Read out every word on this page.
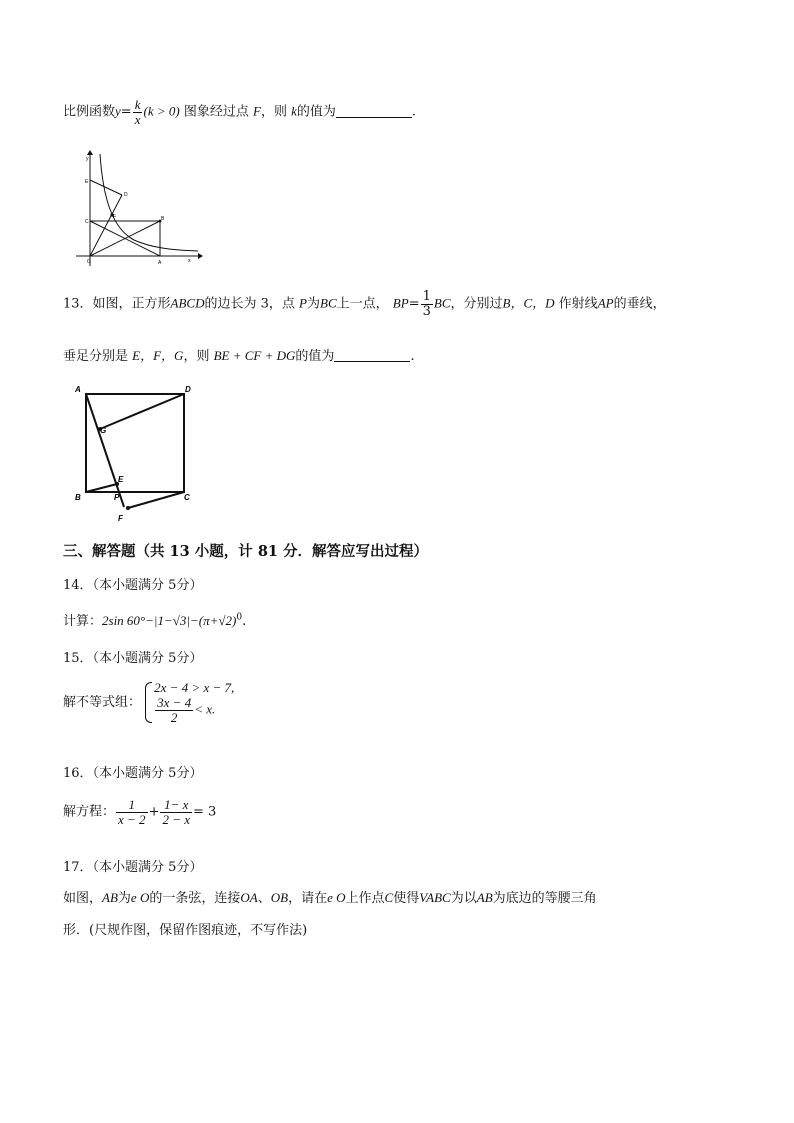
比例函数$y= \frac{k}{x} (k > 0)$ 图象经过点 F，则 k的值为	.
y
x
O
E
D
C
F	B
A
13．如图，正方形ABCD的边长为 3，点 P为BC上一点， $BP= \frac{1}{3}$ BC，分别过B，C，D 作射线AP的垂线，
垂足分别是 E，F，G，则 BE + CF + DG的值为	.
A	D
G
E
B	P	C
F
三、解答题（共 13 小题，计 81 分．解答应写出过程）
14．（本小题满分 5分）
计算：2sin $60^\circ-|1-√3|-(\pi+√2)^0$.
15．（本小题满分 5分）
解不等式组：
2x − 4 > x − 7,
$\frac{3x - 4}{2} < x$.
16．（本小题满分 5分）
解方程： $\frac{1}{x - 2} + \frac{1- x}{2 - x} = 3$
17．（本小题满分 5分）
如图，AB为e O的一条弦，连接OA、OB，请在e O上作点C使得VABC为以AB为底边的等腰三角
形．(尺规作图，保留作图痕迹，不写作法)
